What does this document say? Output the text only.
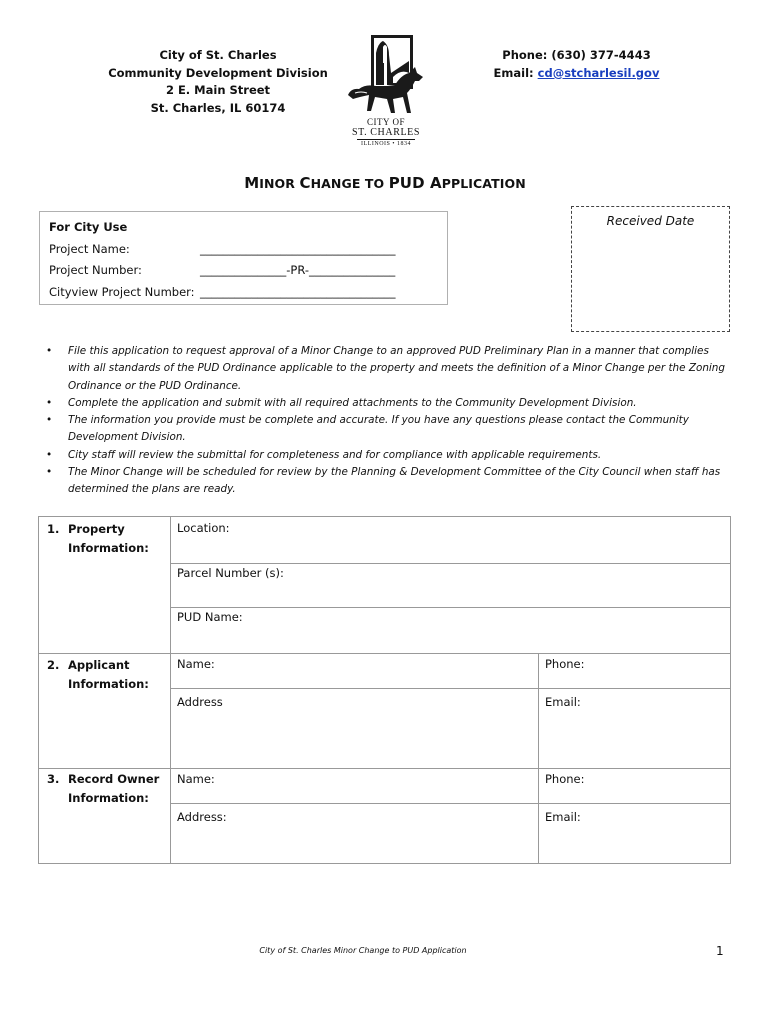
City of St. Charles
Community Development Division
2 E. Main Street
St. Charles, IL 60174
CITY OF
ST. CHARLES
ILLINOIS • 1834
Phone: (630) 377-4443
Email: cd@stcharlesil.gov
MINOR CHANGE TO PUD APPLICATION
For City Use
Project Name:	__________________________________
Project Number:	_______________-PR-_______________
Cityview Project Number: __________________________________
Received Date
• File this application to request approval of a Minor Change to an approved PUD Preliminary Plan in a manner that complies with all standards of the PUD Ordinance applicable to the property and meets the definition of a Minor Change per the Zoning Ordinance or the PUD Ordinance.
• Complete the application and submit with all required attachments to the Community Development Division.
• The information you provide must be complete and accurate. If you have any questions please contact the Community Development Division.
• City staff will review the submittal for completeness and for compliance with applicable requirements.
• The Minor Change will be scheduled for review by the Planning & Development Committee of the City Council when staff has determined the plans are ready.
1. Property
Information:
Location:
Parcel Number (s):
PUD Name:
2. Applicant
Information:
Name:	Phone:
Address	Email:
3. Record Owner
Information:
Name:	Phone:
Address:	Email:
City of St. Charles Minor Change to PUD Application	1
